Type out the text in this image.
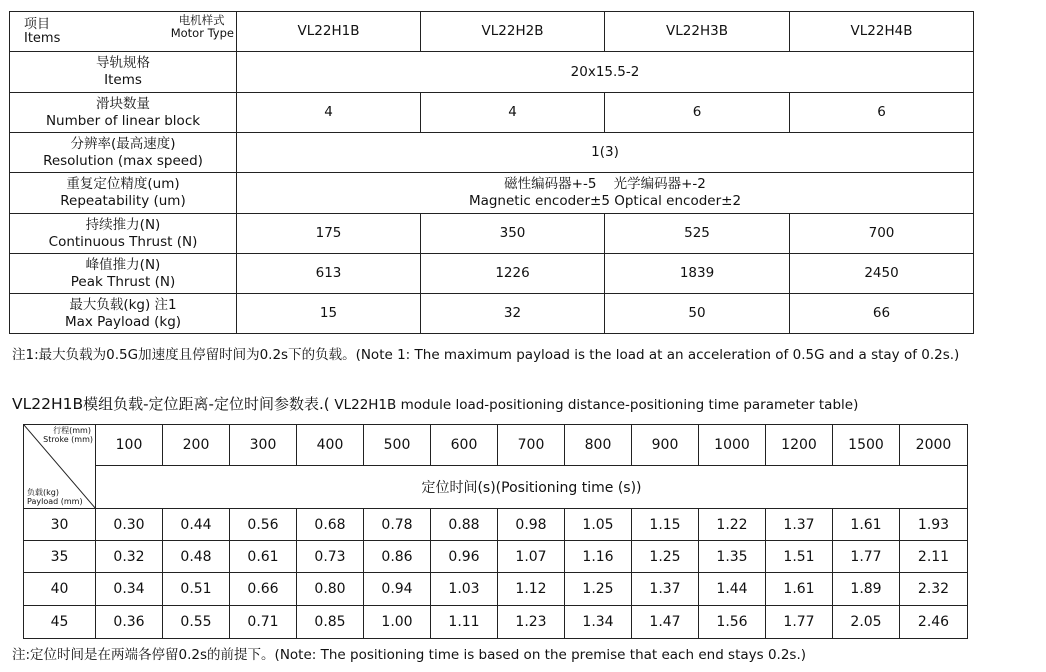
项目
Items
电机样式
Motor Type	VL22H1B	VL22H2B	VL22H3B	VL22H4B

导轨规格
Items	20x15.5-2			

滑块数量
Number of linear block	4	4	6	6

分辨率(最高速度)
Resolution (max speed)	1(3)			

重复定位精度(um)
Repeatability (um)	磁性编码器+-5    光学编码器+-2
Magnetic encoder±5 Optical encoder±2			

持续推力(N)
Continuous Thrust (N)	175	350	525	700

峰值推力(N)
Peak Thrust (N)	613	1226	1839	2450

最大负载(kg) 注1
Max Payload (kg)	15	32	50	66
注1:最大负载为0.5G加速度且停留时间为0.2s下的负载。(Note 1: The maximum payload is the load at an acceleration of 0.5G and a stay of 0.2s.)
VL22H1B模组负载-定位距离-定位时间参数表.( VL22H1B module load-positioning distance-positioning time parameter table)
行程(mm)
Stroke (mm)
负载(kg)
Payload (mm)	100	200	300	400	500	600	700	800	900	1000	1200	1500	2000
	定位时间(s)(Positioning time (s))												
30	0.30	0.44	0.56	0.68	0.78	0.88	0.98	1.05	1.15	1.22	1.37	1.61	1.93
35	0.32	0.48	0.61	0.73	0.86	0.96	1.07	1.16	1.25	1.35	1.51	1.77	2.11
40	0.34	0.51	0.66	0.80	0.94	1.03	1.12	1.25	1.37	1.44	1.61	1.89	2.32
45	0.36	0.55	0.71	0.85	1.00	1.11	1.23	1.34	1.47	1.56	1.77	2.05	2.46
注:定位时间是在两端各停留0.2s的前提下。(Note: The positioning time is based on the premise that each end stays 0.2s.)
